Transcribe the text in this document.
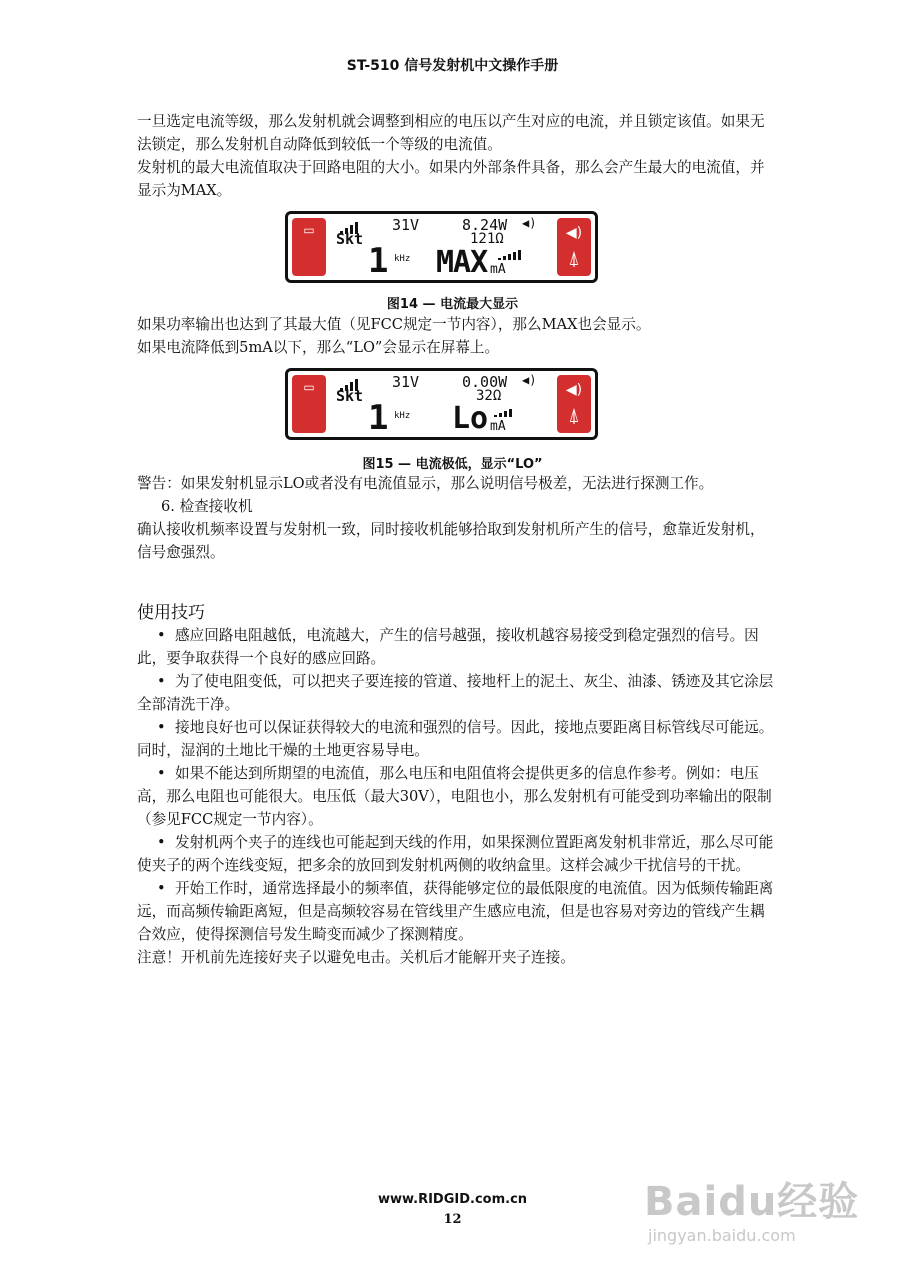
ST-510 信号发射机中文操作手册

一旦选定电流等级，那么发射机就会调整到相应的电压以产生对应的电流，并且锁定该值。如果无法锁定，那么发射机自动降低到较低一个等级的电流值。

发射机的最大电流值取决于回路电阻的大小。如果内外部条件具备，那么会产生最大的电流值，并显示为MAX。

▭	Skt
31V	8.24W ◀)
121Ω
1 kHz MAX mA
◀)
⍋
图14 — 电流最大显示

如果功率输出也达到了其最大值（见FCC规定一节内容），那么MAX也会显示。

如果电流降低到5mA以下，那么“LO”会显示在屏幕上。

▭	Skt
31V	0.00W ◀)
32Ω
1 kHz Lo mA
◀)
⍋
图15 — 电流极低，显示“LO”

警告：如果发射机显示LO或者没有电流值显示，那么说明信号极差，无法进行探测工作。

6. 检查接收机

确认接收机频率设置与发射机一致，同时接收机能够拾取到发射机所产生的信号，愈靠近发射机，信号愈强烈。

使用技巧

• 感应回路电阻越低，电流越大，产生的信号越强，接收机越容易接受到稳定强烈的信号。因此，要争取获得一个良好的感应回路。

• 为了使电阻变低，可以把夹子要连接的管道、接地杆上的泥土、灰尘、油漆、锈迹及其它涂层全部清洗干净。

• 接地良好也可以保证获得较大的电流和强烈的信号。因此，接地点要距离目标管线尽可能远。同时，湿润的土地比干燥的土地更容易导电。

• 如果不能达到所期望的电流值，那么电压和电阻值将会提供更多的信息作参考。例如：电压高，那么电阻也可能很大。电压低（最大30V），电阻也小，那么发射机有可能受到功率输出的限制（参见FCC规定一节内容）。

• 发射机两个夹子的连线也可能起到天线的作用，如果探测位置距离发射机非常近，那么尽可能使夹子的两个连线变短，把多余的放回到发射机两侧的收纳盒里。这样会减少干扰信号的干扰。

• 开始工作时，通常选择最小的频率值，获得能够定位的最低限度的电流值。因为低频传输距离远，而高频传输距离短，但是高频较容易在管线里产生感应电流，但是也容易对旁边的管线产生耦合效应，使得探测信号发生畸变而减少了探测精度。

注意！开机前先连接好夹子以避免电击。关机后才能解开夹子连接。

www.RIDGID.com.cn
12	Baidu经验
jingyan.baidu.com
